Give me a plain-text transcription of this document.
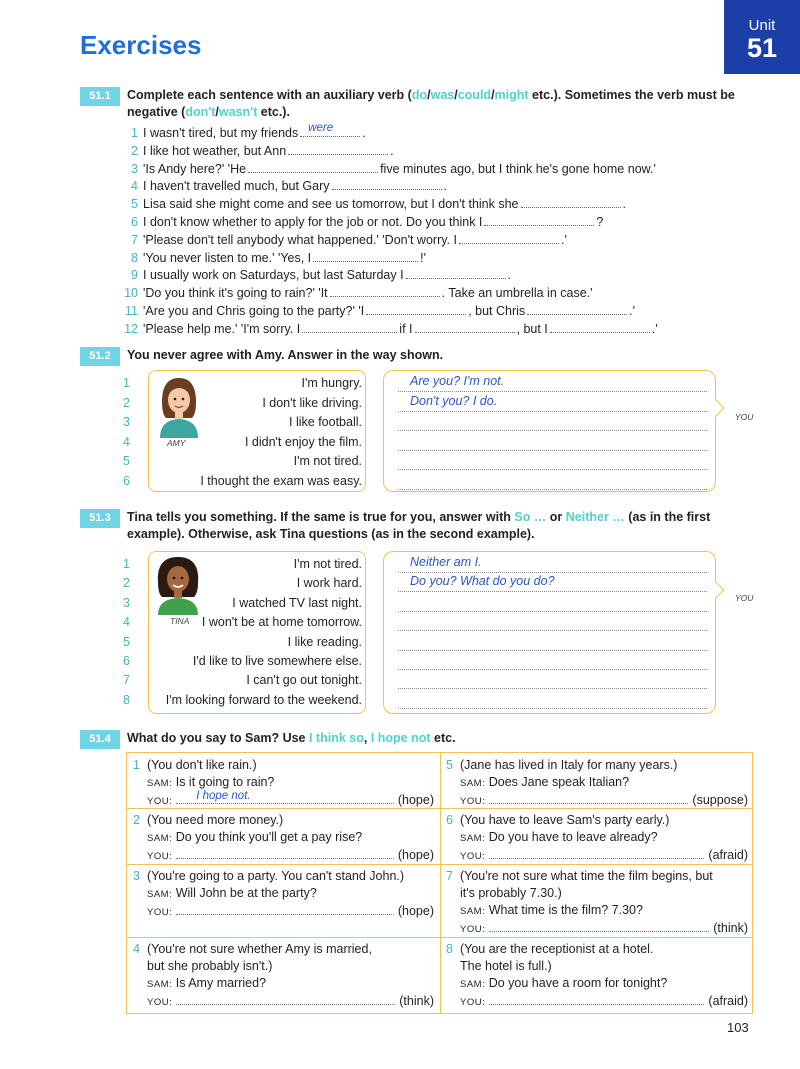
Exercises
Unit
51
51.1	Complete each sentence with an auxiliary verb (do/was/could/might etc.). Sometimes the verb must be negative (don't/wasn't etc.).
1 I wasn't tired, but my friends were .
2 I like hot weather, but Ann	.
3 'Is Andy here?' 'He	five minutes ago, but I think he's gone home now.'
4 I haven't travelled much, but Gary	.
5 Lisa said she might come and see us tomorrow, but I don't think she	.
6 I don't know whether to apply for the job or not. Do you think I	?
7 'Please don't tell anybody what happened.' 'Don't worry. I	.'
8 'You never listen to me.' 'Yes, I	!'
9 I usually work on Saturdays, but last Saturday I	.
10 'Do you think it's going to rain?' 'It	. Take an umbrella in case.'
11 'Are you and Chris going to the party?' 'I	, but Chris	.'
12 'Please help me.' 'I'm sorry. I	if I	, but I	.'
51.2	You never agree with Amy. Answer in the way shown.
AMY
YOU
1	I'm hungry.	Are you? I'm not.
2	I don't like driving.	Don't you? I do.
3	I like football.
4	I didn't enjoy the film.
5	I'm not tired.
6	I thought the exam was easy.
51.3	Tina tells you something. If the same is true for you, answer with So … or Neither … (as in the first example). Otherwise, ask Tina questions (as in the second example).
TINA
YOU
1	I'm not tired.	Neither am I.
2	I work hard.	Do you? What do you do?
3	I watched TV last night.
4	I won't be at home tomorrow.
5	I like reading.
6	I'd like to live somewhere else.
7	I can't go out tonight.
8	I'm looking forward to the weekend.
51.4	What do you say to Sam? Use I think so, I hope not etc.
1 (You don't like rain.)
SAM: Is it going to rain?
YOU: I hope not.	(hope)
2 (You need more money.)
SAM: Do you think you'll get a pay rise?
YOU:	(hope)
3 (You're going to a party. You can't stand John.)
SAM: Will John be at the party?
YOU:	(hope)
4 (You're not sure whether Amy is married,
but she probably isn't.)
SAM: Is Amy married?
YOU:	(think)
5 (Jane has lived in Italy for many years.)
SAM: Does Jane speak Italian?
YOU:	(suppose)
6 (You have to leave Sam's party early.)
SAM: Do you have to leave already?
YOU:	(afraid)
7 (You're not sure what time the film begins, but
it's probably 7.30.)
SAM: What time is the film? 7.30?
YOU:	(think)
8 (You are the receptionist at a hotel.
The hotel is full.)
SAM: Do you have a room for tonight?
YOU:	(afraid)
103
